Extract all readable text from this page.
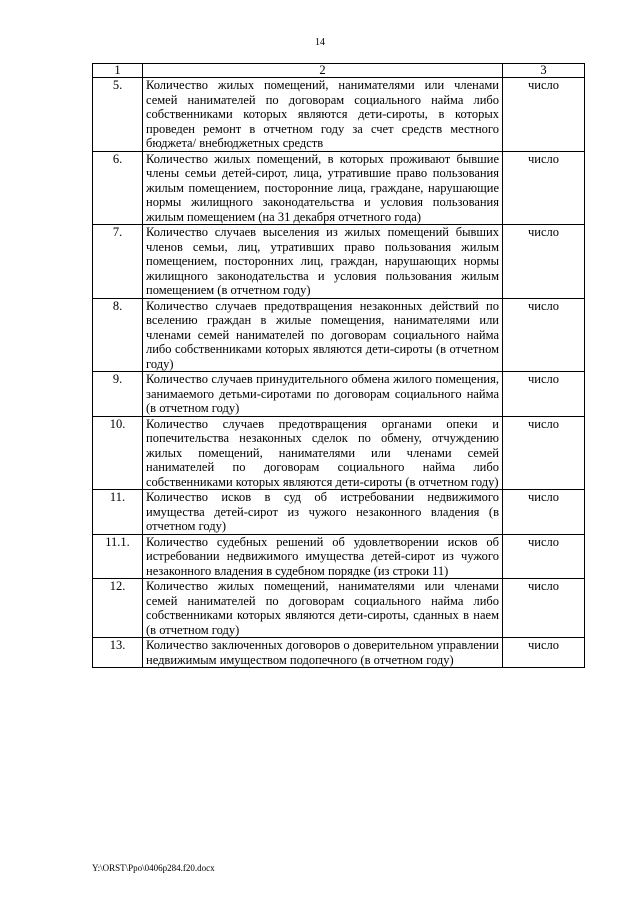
14
1	2	3
5.	Количество жилых помещений, нанимателями или членами семей нанимателей по договорам социального найма либо собственниками которых являются дети-сироты, в которых проведен ремонт в отчетном году за счет средств местного бюджета/ внебюджетных средств	число
6.	Количество жилых помещений, в которых проживают бывшие члены семьи детей-сирот, лица, утратившие право пользования жилым помещением, посторонние лица, граждане, нарушающие нормы жилищного законодательства и условия пользования жилым помещением (на 31 декабря отчетного года)	число
7.	Количество случаев выселения из жилых помещений бывших членов семьи, лиц, утративших право пользования жилым помещением, посторонних лиц, граждан, нарушающих нормы жилищного законодательства и условия пользования жилым помещением (в отчетном году)	число
8.	Количество случаев предотвращения незаконных действий по вселению граждан в жилые помещения, нанимателями или членами семей нанимателей по договорам социального найма либо собственниками которых являются дети-сироты (в отчетном году)	число
9.	Количество случаев принудительного обмена жилого помещения, занимаемого детьми-сиротами по договорам социального найма (в отчетном году)	число
10.	Количество случаев предотвращения органами опеки и попечительства незаконных сделок по обмену, отчуждению жилых помещений, нанимателями или членами семей нанимателей по договорам социального найма либо собственниками которых являются дети-сироты (в отчетном году)	число
11.	Количество исков в суд об истребовании недвижимого имущества детей-сирот из чужого незаконного владения (в отчетном году)	число
11.1.	Количество судебных решений об удовлетворении исков об истребовании недвижимого имущества детей-сирот из чужого незаконного владения в судебном порядке (из строки 11)	число
12.	Количество жилых помещений, нанимателями или членами семей нанимателей по договорам социального найма либо собственниками которых являются дети-сироты, сданных в наем (в отчетном году)	число
13.	Количество заключенных договоров о доверительном управлении недвижимым имуществом подопечного (в отчетном году)	число
Y:\ORST\Ppo\0406p284.f20.docx
